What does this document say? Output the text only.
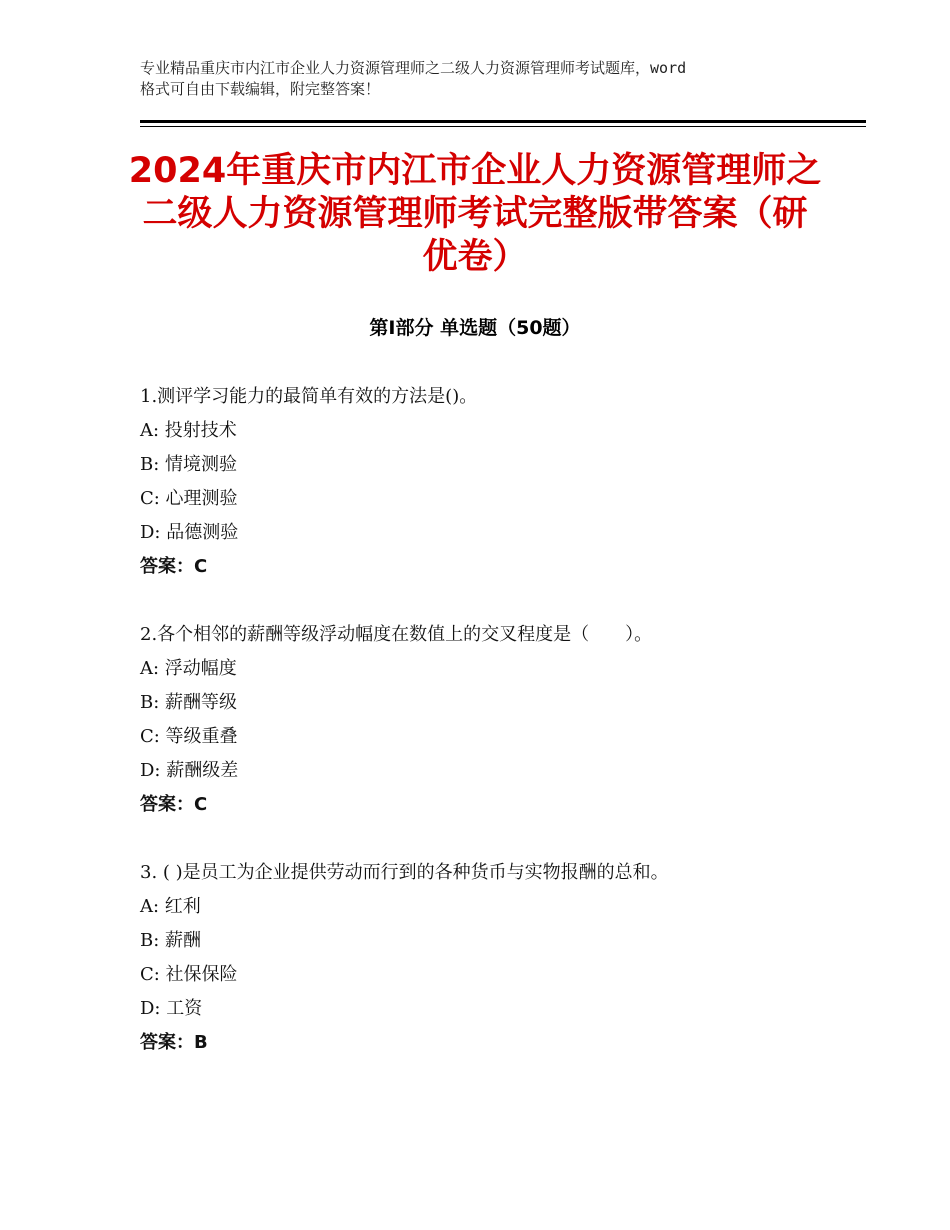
专业精品重庆市内江市企业人力资源管理师之二级人力资源管理师考试题库，word
格式可自由下载编辑，附完整答案！
2024年重庆市内江市企业人力资源管理师之
二级人力资源管理师考试完整版带答案（研
优卷）
第Ⅰ部分 单选题（50题）
1.测评学习能力的最简单有效的方法是()。
A: 投射技术
B: 情境测验
C: 心理测验
D: 品德测验
答案：C
2.各个相邻的薪酬等级浮动幅度在数值上的交叉程度是（　　）。
A: 浮动幅度
B: 薪酬等级
C: 等级重叠
D: 薪酬级差
答案：C
3. ( )是员工为企业提供劳动而行到的各种货币与实物报酬的总和。
A: 红利
B: 薪酬
C: 社保保险
D: 工资
答案：B
